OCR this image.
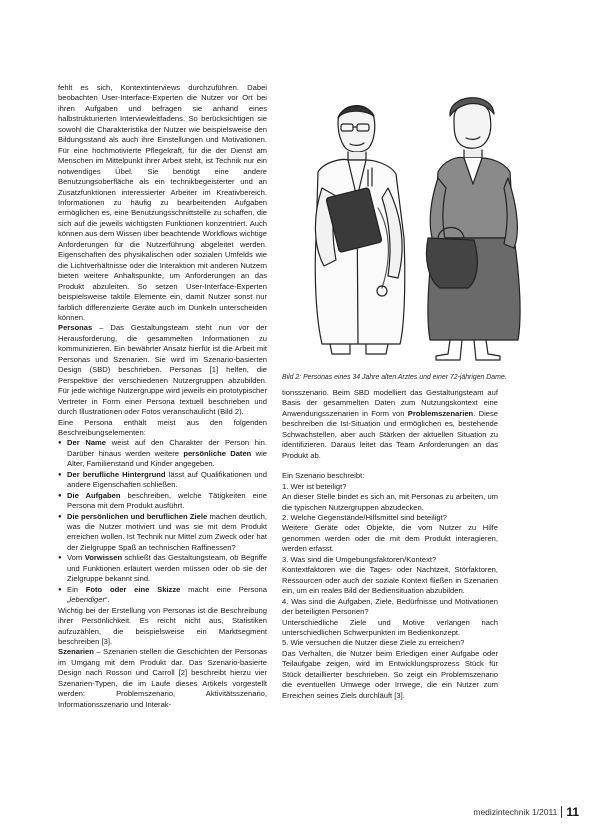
fehlt es sich, Kontextinterviews durchzuführen. Dabei beobachten User-Interface-Experten die Nutzer vor Ort bei ihren Aufgaben und befragen sie anhand eines halbstrukturierten Interviewleitfadens. So berücksichtigen sie sowohl die Charakteristika der Nutzer wie beispielsweise den Bildungsstand als auch ihre Einstellungen und Motivationen. Für eine hochmotivierte Pflegekraft, für die der Dienst am Menschen im Mittelpunkt ihrer Arbeit steht, ist Technik nur ein notwendiges Übel. Sie benötigt eine andere Benutzungsoberfläche als ein technikbegeisterter und an Zusatzfunktionen interessierter Arbeiter im Kreativbereich. Informationen zu häufig zu bearbeitenden Aufgaben ermöglichen es, eine Benutzungsschnittstelle zu schaffen, die sich auf die jeweils wichtigsten Funktionen konzentriert. Auch können aus dem Wissen über beachtende Workflows wichtige Anforderungen für die Nutzerführung abgeleitet werden. Eigenschaften des physikalischen oder sozialen Umfelds wie die Lichtverhältnisse oder die Interaktion mit anderen Nutzern bieten weitere Anhaltspunkte, um Anforderungen an das Produkt abzuleiten. So setzen User-Interface-Experten beispielsweise taktile Elemente ein, damit Nutzer sonst nur farblich differenzierte Geräte auch im Dunkeln unterscheiden können.

Personas – Das Gestaltungsteam steht nun vor der Herausforderung, die gesammelten Informationen zu kommunizieren. Ein bewährter Ansatz hierfür ist die Arbeit mit Personas und Szenarien. Sie wird im Szenario-basierten Design (SBD) beschrieben. Personas [1] helfen, die Perspektive der verschiedenen Nutzergruppen abzubilden. Für jede wichtige Nutzergruppe wird jeweils ein prototypischer Vertreter in Form einer Persona textuell beschrieben und durch Illustrationen oder Fotos veranschaulicht (Bild 2).

Eine Persona enthält meist aus den folgenden Beschreibungselementen:

● Der Name weist auf den Charakter der Person hin. Darüber hinaus werden weitere persönliche Daten wie Alter, Familienstand und Kinder angegeben.
● Der berufliche Hintergrund lässt auf Qualifikationen und andere Eigenschaften schließen.
● Die Aufgaben beschreiben, welche Tätigkeiten eine Persona mit dem Produkt ausführt.
● Die persönlichen und beruflichen Ziele machen deutlich, was die Nutzer motiviert und was sie mit dem Produkt erreichen wollen. Ist Technik nur Mittel zum Zweck oder hat der Zielgruppe Spaß an technischen Raffinessen?
● Vom Vorwissen schließt das Gestaltungsteam, ob Begriffe und Funktionen erläutert werden müssen oder ob sie der Zielgruppe bekannt sind.
● Ein Foto oder eine Skizze macht eine Persona „lebendiger“.

Wichtig bei der Erstellung von Personas ist die Beschreibung ihrer Persönlichkeit. Es reicht nicht aus, Statistiken aufzuzählen, die beispielsweise ein Marktsegment beschreiben [3].

Szenarien – Szenarien stellen die Geschichten der Personas im Umgang mit dem Produkt dar. Das Szenario-basierte Design nach Rosson und Carroll [2] beschreibt hierzu vier Szenarien-Typen, die im Laufe dieses Artikels vorgestellt werden: Problemszenario, Aktivitätsszenario, Informationsszenario und Interak-

Bild 2: Personas eines 34 Jahre alten Arztes und einer 72-jährigen Dame.

tionsszenario. Beim SBD modelliert das Gestaltungsteam auf Basis der gesammelten Daten zum Nutzungskontext eine Anwendungsszenarien in Form von Problemszenarien. Diese beschreiben die Ist-Situation und ermöglichen es, bestehende Schwachstellen, aber auch Stärken der aktuellen Situation zu identifizieren. Daraus leitet das Team Anforderungen an das Produkt ab.

Ein Szenario beschreibt:

1. Wer ist beteiligt?

An dieser Stelle bindet es sich an, mit Personas zu arbeiten, um die typischen Nutzergruppen abzudecken.

2. Welche Gegenstände/Hilfsmittel sind beteiligt?

Weitere Geräte oder Objekte, die vom Nutzer zu Hilfe genommen werden oder die mit dem Produkt interagieren, werden erfasst.

3. Was sind die Umgebungsfaktoren/Kontext?

Kontextfaktoren wie die Tages- oder Nachtzeit, Störfaktoren, Ressourcen oder auch der soziale Kontext fließen in Szenarien ein, um ein reales Bild der Bediensituation abzubilden.

4. Was sind die Aufgaben, Ziele, Bedürfnisse und Motivationen der beteiligten Personen?

Unterschiedliche Ziele und Motive verlangen nach unterschiedlichen Schwerpunkten im Bedienkonzept.

5. Wie versuchen die Nutzer diese Ziele zu erreichen?

Das Verhalten, die Nutzer beim Erledigen einer Aufgabe oder Teilaufgabe zeigen, wird im Entwicklungsprozess Stück für Stück detaillierter beschrieben. So zeigt ein Problemszenario die eventuellen Umwege oder Irrwege, die ein Nutzer zum Erreichen seines Ziels durchläuft [3].

medizintechnik 1/2011 11
